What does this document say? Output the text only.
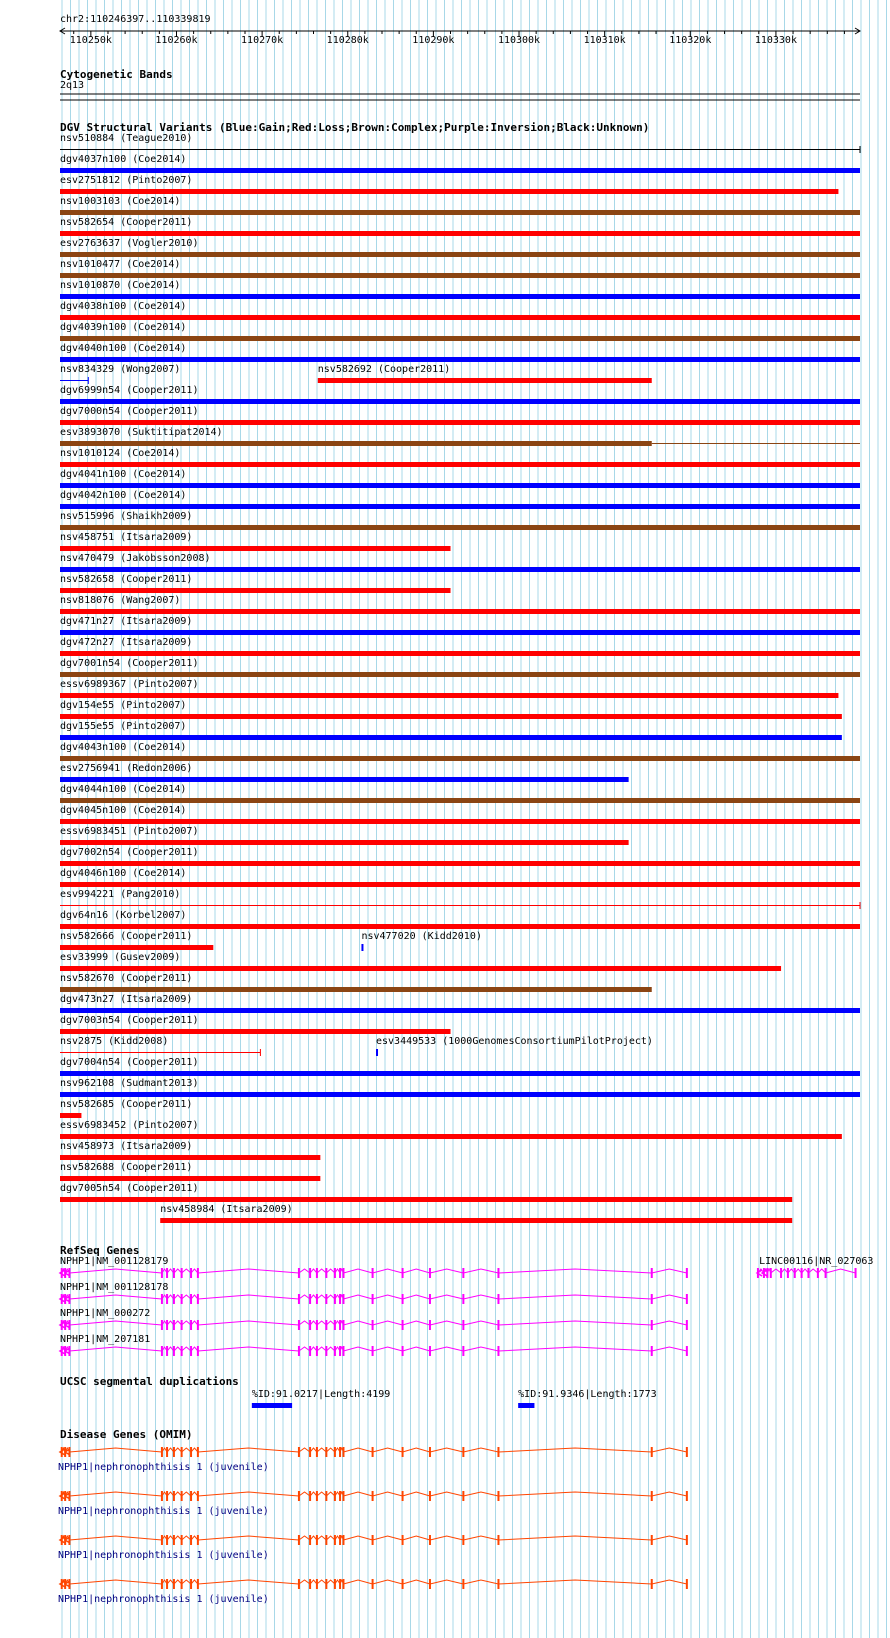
chr2:110246397..110339819
110250k	110260k	110270k	110280k	110290k	110300k	110310k	110320k	110330k
Cytogenetic Bands
2q13
DGV Structural Variants (Blue:Gain;Red:Loss;Brown:Complex;Purple:Inversion;Black:Unknown)
nsv510884 (Teague2010)
dgv4037n100 (Coe2014)
esv2751812 (Pinto2007)
nsv1003103 (Coe2014)
nsv582654 (Cooper2011)
esv2763637 (Vogler2010)
nsv1010477 (Coe2014)
nsv1010870 (Coe2014)
dgv4038n100 (Coe2014)
dgv4039n100 (Coe2014)
dgv4040n100 (Coe2014)
nsv834329 (Wong2007)	nsv582692 (Cooper2011)
dgv6999n54 (Cooper2011)
dgv7000n54 (Cooper2011)
esv3893070 (Suktitipat2014)
nsv1010124 (Coe2014)
dgv4041n100 (Coe2014)
dgv4042n100 (Coe2014)
nsv515996 (Shaikh2009)
nsv458751 (Itsara2009)
nsv470479 (Jakobsson2008)
nsv582658 (Cooper2011)
nsv818076 (Wang2007)
dgv471n27 (Itsara2009)
dgv472n27 (Itsara2009)
dgv7001n54 (Cooper2011)
essv6989367 (Pinto2007)
dgv154e55 (Pinto2007)
dgv155e55 (Pinto2007)
dgv4043n100 (Coe2014)
esv2756941 (Redon2006)
dgv4044n100 (Coe2014)
dgv4045n100 (Coe2014)
essv6983451 (Pinto2007)
dgv7002n54 (Cooper2011)
dgv4046n100 (Coe2014)
esv994221 (Pang2010)
dgv64n16 (Korbel2007)
nsv582666 (Cooper2011)	nsv477020 (Kidd2010)
esv33999 (Gusev2009)
nsv582670 (Cooper2011)
dgv473n27 (Itsara2009)
dgv7003n54 (Cooper2011)
nsv2875 (Kidd2008)	esv3449533 (1000GenomesConsortiumPilotProject)
dgv7004n54 (Cooper2011)
nsv962108 (Sudmant2013)
nsv582685 (Cooper2011)
essv6983452 (Pinto2007)
nsv458973 (Itsara2009)
nsv582688 (Cooper2011)
dgv7005n54 (Cooper2011)
nsv458984 (Itsara2009)
RefSeq Genes
NPHP1|NM_001128179
NPHP1|NM_001128178
NPHP1|NM_000272
NPHP1|NM_207181
LINC00116|NR_027063
UCSC segmental duplications
%ID:91.0217|Length:4199	%ID:91.9346|Length:1773
Disease Genes (OMIM)
NPHP1|nephronophthisis 1 (juvenile)
NPHP1|nephronophthisis 1 (juvenile)
NPHP1|nephronophthisis 1 (juvenile)
NPHP1|nephronophthisis 1 (juvenile)
